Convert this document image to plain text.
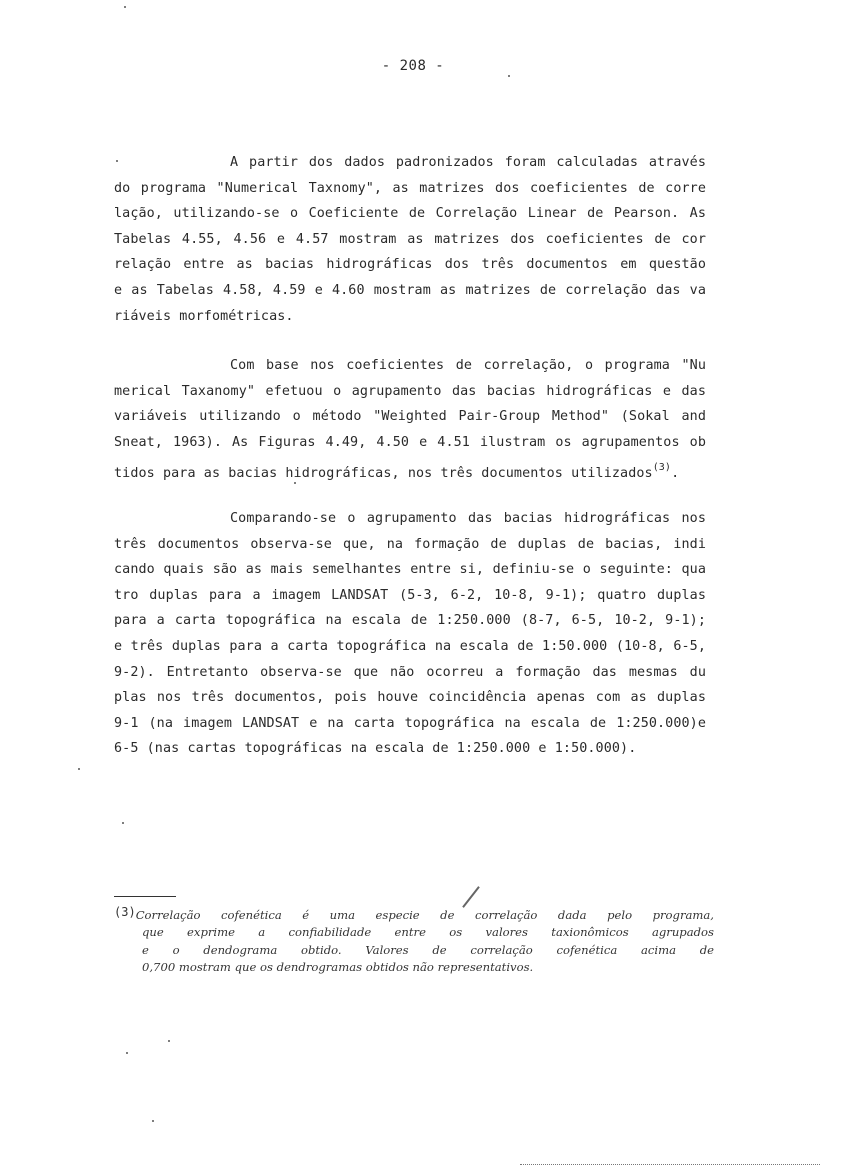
- 208 -
A partir dos dados padronizados foram calculadas através
do programa "Numerical Taxnomy", as matrizes dos coeficientes de corre
lação, utilizando-se o Coeficiente de Correlação Linear de Pearson. As
Tabelas 4.55, 4.56 e 4.57 mostram as matrizes dos coeficientes de cor
relação entre as bacias hidrográficas dos três documentos em questão
e as Tabelas 4.58, 4.59 e 4.60 mostram as matrizes de correlação das va
riáveis morfométricas.
Com base nos coeficientes de correlação, o programa "Nu
merical Taxanomy" efetuou o agrupamento das bacias hidrográficas e das
variáveis utilizando o método "Weighted Pair-Group Method" (Sokal and
Sneat, 1963). As Figuras 4.49, 4.50 e 4.51 ilustram os agrupamentos ob
tidos para as bacias hidrográficas, nos três documentos utilizados$^{(3)}$.
Comparando-se o agrupamento das bacias hidrográficas nos
três documentos observa-se que, na formação de duplas de bacias, indi
cando quais são as mais semelhantes entre si, definiu-se o seguinte: qua
tro duplas para a imagem LANDSAT (5-3, 6-2, 10-8, 9-1); quatro duplas
para a carta topográfica na escala de 1:250.000 (8-7, 6-5, 10-2, 9-1);
e três duplas para a carta topográfica na escala de 1:50.000 (10-8, 6-5,
9-2). Entretanto observa-se que não ocorreu a formação das mesmas du
plas nos três documentos, pois houve coincidência apenas com as duplas
9-1 (na imagem LANDSAT e na carta topográfica na escala de 1:250.000)e
6-5 (nas cartas topográficas na escala de 1:250.000 e 1:50.000).
(3)Correlação cofenética é uma especie de correlação dada pelo programa,
que exprime a confiabilidade entre os valores taxionômicos agrupados
e o dendograma obtido. Valores de correlação cofenética acima de
0,700 mostram que os dendrogramas obtidos não representativos.
